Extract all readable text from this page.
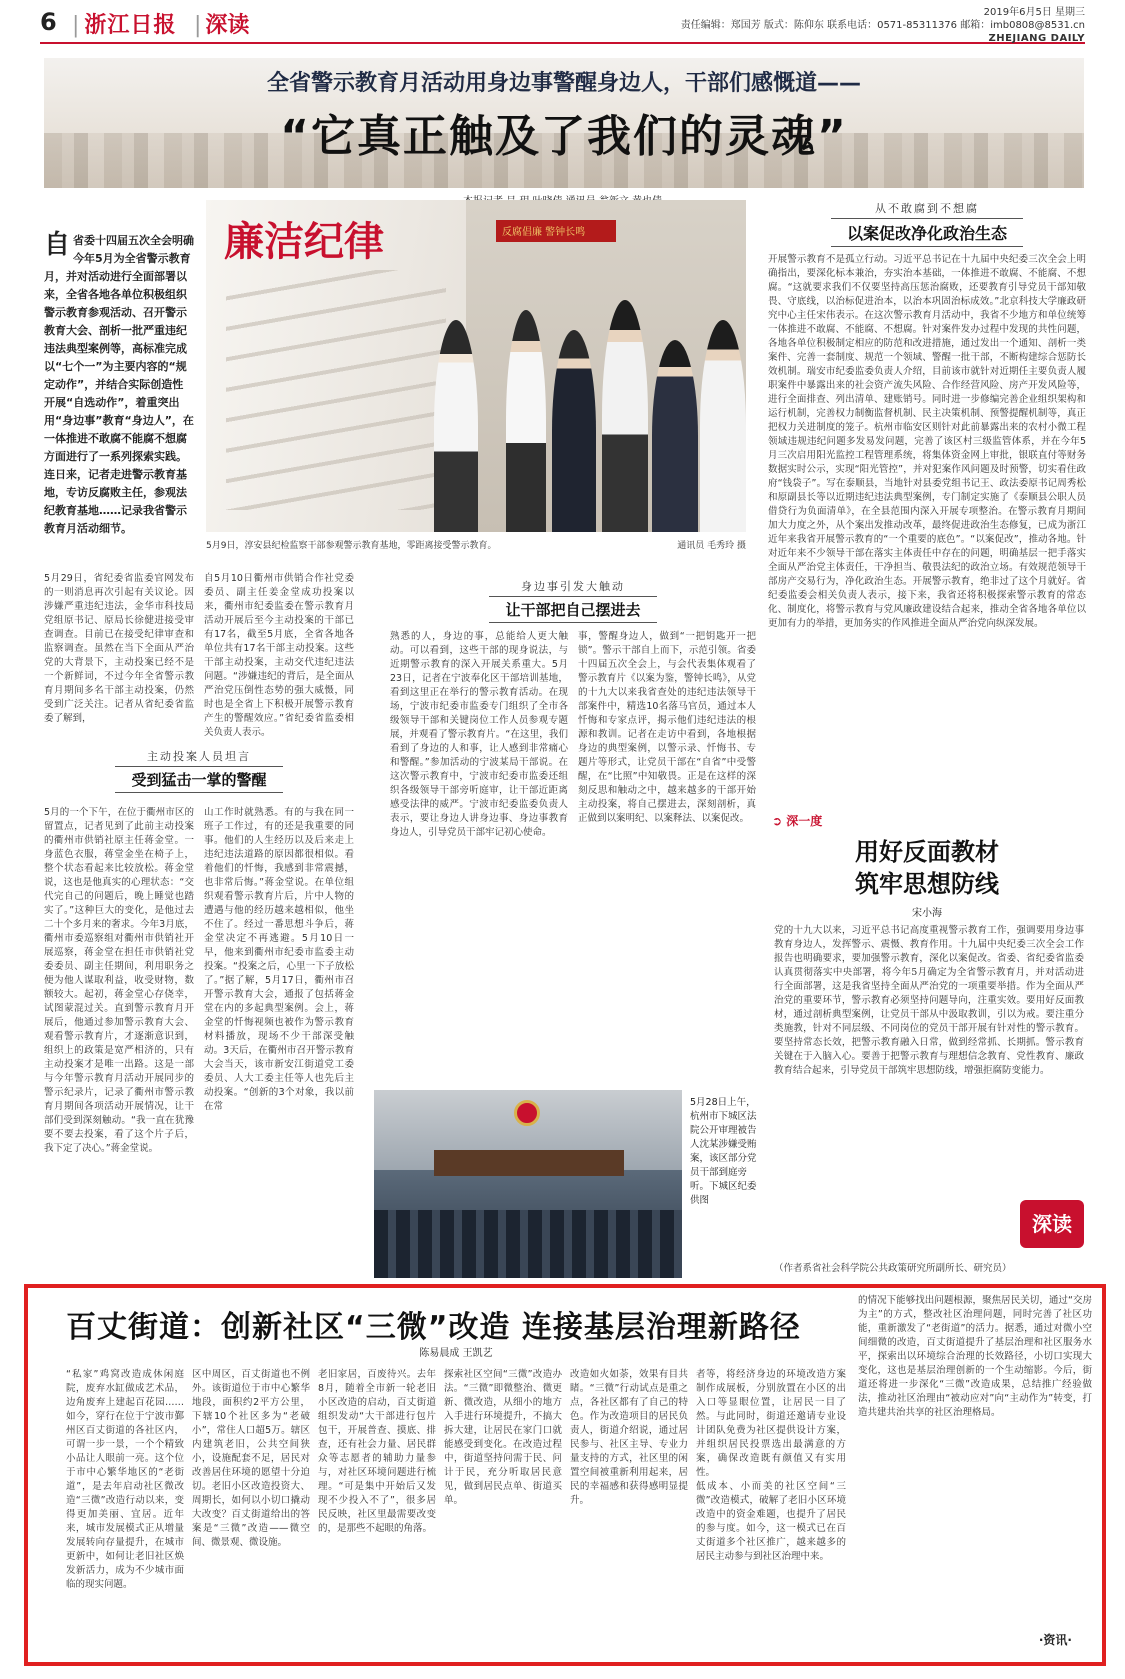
6 | 浙江日报 | 深读
2019年6月5日 星期三
责任编辑：郑国芳 版式：陈仰东 联系电话：0571-85311376 邮箱：imb0808@8531.cn
ZHEJIANG DAILY
全省警示教育月活动用身边事警醒身边人，干部们感慨道——
“它真正触及了我们的灵魂”
自省委十四届五次全会明确今年5月为全省警示教育月，并对活动进行全面部署以来，全省各地各单位积极组织警示教育参观活动、召开警示教育大会、剖析一批严重违纪违法典型案例等，高标准完成以“七个一”为主要内容的“规定动作”，并结合实际创造性开展“自选动作”，着重突出用“身边事”教育“身边人”，在一体推进不敢腐不能腐不想腐方面进行了一系列探索实践。连日来，记者走进警示教育基地，专访反腐败主任，参观法纪教育基地……记录我省警示教育月活动细节。
廉洁纪律	反腐倡廉 警钟长鸣
5月9日，淳安县纪检监察干部参观警示教育基地，零距离接受警示教育。	通讯员 毛秀玲 摄
从不敢腐到不想腐
以案促改净化政治生态
开展警示教育不是孤立行动。习近平总书记在十九届中央纪委三次全会上明确指出，要深化标本兼治，夯实治本基础，一体推进不敢腐、不能腐、不想腐。“这就要求我们不仅要坚持高压惩治腐败，还要教育引导党员干部知敬畏、守底线，以治标促进治本，以治本巩固治标成效。”北京科技大学廉政研究中心主任宋伟表示。在这次警示教育月活动中，我省不少地方和单位统筹一体推进不敢腐、不能腐、不想腐。针对案件发办过程中发现的共性问题，各地各单位积极制定相应的防范和改进措施，通过发出一个通知、剖析一类案件、完善一套制度、规范一个领域、警醒一批干部，不断构建综合惩防长效机制。瑞安市纪委监委负责人介绍，目前该市就针对近期任主要负责人履职案件中暴露出来的社会资产流失风险、合作经营风险、房产开发风险等，进行全面排查、列出清单、建账销号。同时进一步修编完善企业组织架构和运行机制，完善权力制衡监督机制、民主决策机制、预警提醒机制等，真正把权力关进制度的笼子。杭州市临安区则针对此前暴露出来的农村小微工程领域违规违纪问题多发易发问题，完善了该区村三级监管体系，并在今年5月三次启用阳光监控工程管理系统，将集体资金网上审批，银联直付等财务数据实时公示，实现“阳光管控”，并对犯案作风问题及时预警，切实看住政府“钱袋子”。写在泰顺县，当地针对县委党组书记王、政法委原书记周秀松和原副县长等以近期违纪违法典型案例，专门制定实施了《泰顺县公职人员借贷行为负面清单》，在全县范围内深入开展专项整治。在警示教育月期间加大力度之外，从个案出发推动改革，最终促进政治生态修复，已成为浙江近年来我省开展警示教育的“一个重要的底色”。“以案促改”，推动各地。针对近年来不少领导干部在落实主体责任中存在的问题，明确基层一把手落实全面从严治党主体责任，干净担当、敬畏法纪的政治立场。有效规范领导干部房产交易行为，净化政治生态。开展警示教育，绝非过了这个月就好。省纪委监委会相关负责人表示，接下来，我省还将积极探索警示教育的常态化、制度化，将警示教育与党风廉政建设结合起来，推动全省各地各单位以更加有力的举措，更加务实的作风推进全面从严治党向纵深发展。
5月29日，省纪委省监委官网发布的一则消息再次引起有关议论。因涉嫌严重违纪违法，金华市科技局党组原书记、原局长徐健进接受审查调查。目前已在接受纪律审查和监察调查。虽然在当下全面从严治党的大背景下，主动投案已经不是一个新鲜词，不过今年全省警示教育月期间多名干部主动投案，仍然受到广泛关注。记者从省纪委省监委了解到，
自5月10日衢州市供销合作社党委委员、副主任姜金堂成功投案以来，衢州市纪委监委在警示教育月活动开展后至今主动投案的干部已有17名，截至5月底，全省各地各单位共有17名干部主动投案。这些干部主动投案，主动交代违纪违法问题。“涉嫌违纪的背后，是全面从严治党压倒性态势的强大威慑，同时也是全省上下积极开展警示教育产生的警醒效应。”省纪委省监委相关负责人表示。
身边事引发大触动
让干部把自己摆进去
熟悉的人，身边的事，总能给人更大触动。可以看到，这些干部的现身说法，与近期警示教育的深入开展关系重大。5月23日，记者在宁波奉化区干部培训基地，看到这里正在举行的警示教育活动。在现场，宁波市纪委市监委专门组织了全市各级领导干部和关键岗位工作人员参观专题展，并观看了警示教育片。“在这里，我们看到了身边的人和事，让人感到非常痛心和警醒。”参加活动的宁波某局干部说。在这次警示教育中，宁波市纪委市监委还组织各级领导干部旁听庭审，让干部近距离感受法律的威严。宁波市纪委监委负责人表示，要让身边人讲身边事、身边事教育身边人，引导党员干部牢记初心使命。
事，警醒身边人，做到“一把钥匙开一把锁”。警示干部自上而下，示范引领。省委十四届五次全会上，与会代表集体观看了警示教育片《以案为鉴，警钟长鸣》，从党的十九大以来我省查处的违纪违法领导干部案件中，精选10名落马官员，通过本人忏悔和专家点评，揭示他们违纪违法的根源和教训。记者在走访中看到，各地根据身边的典型案例，以警示录、忏悔书、专题片等形式，让党员干部在“自省”中受警醒，在“比照”中知敬畏。正是在这样的深刻反思和触动之中，越来越多的干部开始主动投案，将自己摆进去，深刻剖析，真正做到以案明纪、以案释法、以案促改。
主动投案人员坦言
受到猛击一掌的警醒
5月的一个下午，在位于衢州市区的留置点，记者见到了此前主动投案的衢州市供销社原主任蒋金堂。一身蓝色衣服，蒋堂金坐在椅子上，整个状态看起来比较放松。蒋金堂说，这也是他真实的心理状态：“交代完自己的问题后，晚上睡觉也踏实了。”这种巨大的变化，是他过去二十个多月来的奢求。今年3月底，衢州市委巡察组对衢州市供销社开展巡察，蒋金堂在担任市供销社党委委员、副主任期间，利用职务之便为他人谋取利益，收受财物，数额较大。起初，蒋金堂心存侥幸，试图蒙混过关。直到警示教育月开展后，他通过参加警示教育大会、观看警示教育片，才逐渐意识到，组织上的政策是宽严相济的，只有主动投案才是唯一出路。这是一部与今年警示教育月活动开展同步的警示纪录片，记录了衢州市警示教育月期间各项活动开展情况，让干部们受到深刻触动。“我一直在犹豫要不要去投案，看了这个片子后，我下定了决心。”蒋金堂说。
山工作时就熟悉。有的与我在同一班子工作过，有的还是我重要的同事。他们的人生经历以及后来走上违纪违法道路的原因都很相似。看着他们的忏悔，我感到非常震撼，也非常后悔。”蒋金堂说。在单位组织观看警示教育片后，片中人物的遭遇与他的经历越来越相似，他坐不住了。经过一番思想斗争后，蒋金堂决定不再逃避。5月10日一早，他来到衢州市纪委市监委主动投案。“投案之后，心里一下子放松了。”据了解，5月17日，衢州市召开警示教育大会，通报了包括蒋金堂在内的多起典型案例。会上，蒋金堂的忏悔视频也被作为警示教育材料播放，现场不少干部深受触动。3天后，在衢州市召开警示教育大会当天，该市新安江街道党工委委员、人大工委主任等人也先后主动投案。“创新的3个对象，我以前在常	5月28日上午，杭州市下城区法院公开审理被告人沈某涉嫌受贿案，该区部分党员干部到庭旁听。下城区纪委供图
➲ 深一度
用好反面教材
筑牢思想防线
宋小海
党的十九大以来，习近平总书记高度重视警示教育工作，强调要用身边事教育身边人，发挥警示、震慑、教育作用。十九届中央纪委三次全会工作报告也明确要求，要加强警示教育，深化以案促改。省委、省纪委省监委认真贯彻落实中央部署，将今年5月确定为全省警示教育月，并对活动进行全面部署，这是我省坚持全面从严治党的一项重要举措。作为全面从严治党的重要环节，警示教育必须坚持问题导向，注重实效。要用好反面教材，通过剖析典型案例，让党员干部从中汲取教训，引以为戒。要注重分类施教，针对不同层级、不同岗位的党员干部开展有针对性的警示教育。要坚持常态长效，把警示教育融入日常，做到经常抓、长期抓。警示教育关键在于入脑入心。要善于把警示教育与理想信念教育、党性教育、廉政教育结合起来，引导党员干部筑牢思想防线，增强拒腐防变能力。
深读
（作者系省社会科学院公共政策研究所副所长、研究员）
百丈街道：创新社区“三微”改造 连接基层治理新路径
陈易晨成 王凯艺
“私家”鸡窝改造成休闲庭院，废弃水缸做成艺术品，边角废弃上建起百花园……如今，穿行在位于宁波市鄞州区百丈街道的各社区内，可谓一步一景，一个个精致小品让人眼前一亮。这个位于市中心繁华地区的“老街道”，是去年启动社区微改造“三微”改造行动以来，变得更加美丽、宜居。近年来，城市发展模式正从增量发展转向存量提升，在城市更新中，如何让老旧社区焕发新活力，成为不少城市面临的现实问题。
区中周区，百丈街道也不例外。该街道位于市中心繁华地段，面积约2平方公里，下辖10个社区多为“老破小”，常住人口超5万。辖区内建筑老旧，公共空间狭小，设施配套不足，居民对改善居住环境的愿望十分迫切。老旧小区改造投资大、周期长，如何以小切口撬动大改变？百丈街道给出的答案是“三微”改造——微空间、微景观、微设施。
老旧家居，百废待兴。去年8月，随着全市新一轮老旧小区改造的启动，百丈街道组织发动“大干部进行包片包干，开展普查、摸底、排查，还有社会力量、居民群众等志愿者的辅助力量参与，对社区环境问题进行梳理。“可是集中开始后又发现不少投入不了”，很多居民反映，社区里最需要改变的，是那些不起眼的角落。
探索社区空间“三微”改造办法。“三微”即微整治、微更新、微改造，从细小的地方入手进行环境提升，不搞大拆大建，让居民在家门口就能感受到变化。在改造过程中，街道坚持问需于民、问计于民，充分听取居民意见，做到居民点单、街道买单。
改造如火如荼，效果有目共睹。“三微”行动试点是重之点，各社区都有了自己的特色。作为改造项目的居民负责人，街道介绍说，通过居民参与、社区主导、专业力量支持的方式，社区里的闲置空间被重新利用起来，居民的幸福感和获得感明显提升。
者等，将经济身边的环境改造方案制作成展板，分别放置在小区的出入口等显眼位置，让居民一目了然。与此同时，街道还邀请专业设计团队免费为社区提供设计方案，并组织居民投票选出最满意的方案，确保改造既有颜值又有实用性。
低成本、小而美的社区空间“三微”改造模式，破解了老旧小区环境改造中的资金难题，也提升了居民的参与度。如今，这一模式已在百丈街道多个社区推广，越来越多的居民主动参与到社区治理中来。
的情况下能够找出问题根源，聚焦居民关切，通过“交房为主”的方式，整改社区治理问题，同时完善了社区功能，重新激发了“老街道”的活力。据悉，通过对微小空间细微的改造，百丈街道提升了基层治理和社区服务水平，探索出以环境综合治理的长效路径，小切口实现大变化，这也是基层治理创新的一个生动缩影。今后，街道还将进一步深化“三微”改造成果，总结推广经验做法，推动社区治理由“被动应对”向“主动作为”转变，打造共建共治共享的社区治理格局。
·资讯·
